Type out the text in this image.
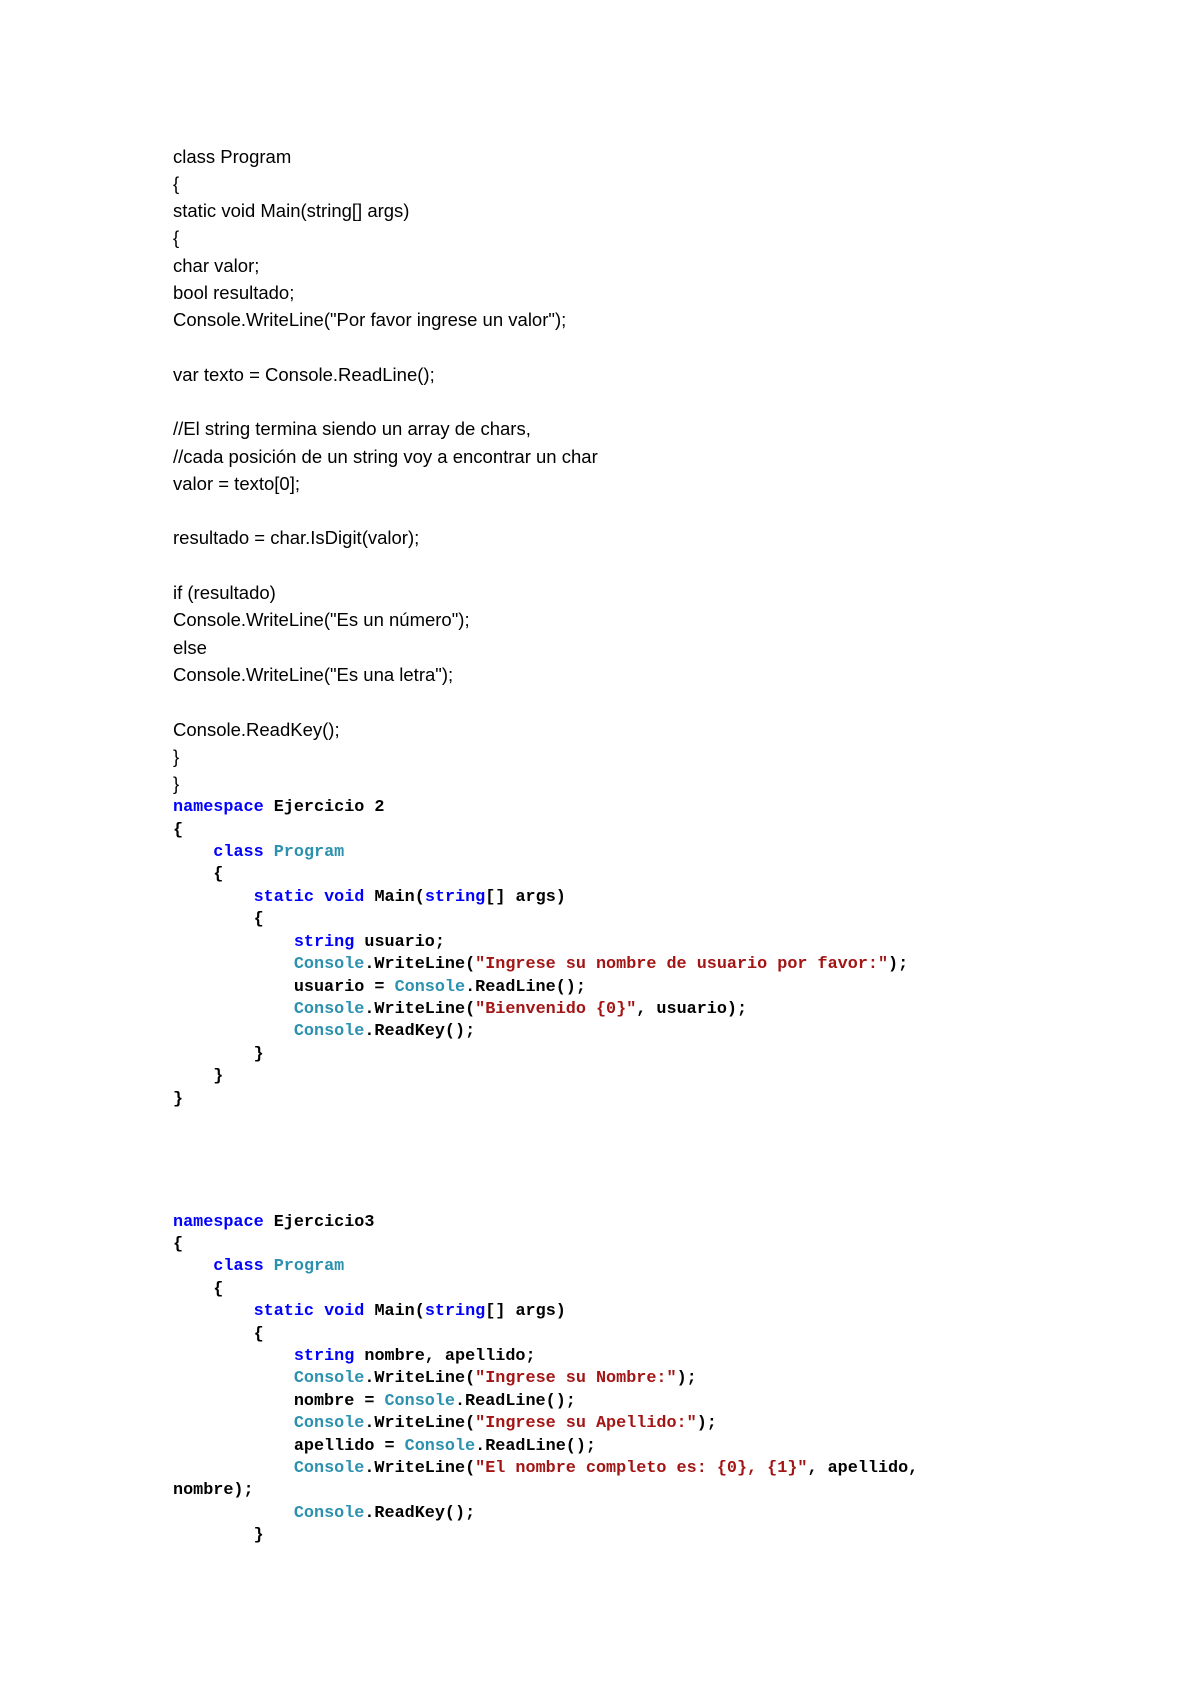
class Program

{

static void Main(string[] args)

{

char valor;

bool resultado;

Console.WriteLine("Por favor ingrese un valor");

var texto = Console.ReadLine();

//El string termina siendo un array de chars,

//cada posición de un string voy a encontrar un char

valor = texto[0];

resultado = char.IsDigit(valor);

if (resultado)

Console.WriteLine("Es un número");

else

Console.WriteLine("Es una letra");

Console.ReadKey();

}

}

namespace Ejercicio 2

{

class Program

{

static void Main(string[] args)

{

string usuario;

Console.WriteLine("Ingrese su nombre de usuario por favor:");

usuario = Console.ReadLine();

Console.WriteLine("Bienvenido {0}", usuario);

Console.ReadKey();

}

}

}

namespace Ejercicio3

{

class Program

{

static void Main(string[] args)

{

string nombre, apellido;

Console.WriteLine("Ingrese su Nombre:");

nombre = Console.ReadLine();

Console.WriteLine("Ingrese su Apellido:");

apellido = Console.ReadLine();

Console.WriteLine("El nombre completo es: {0}, {1}", apellido,

nombre);

Console.ReadKey();

}
